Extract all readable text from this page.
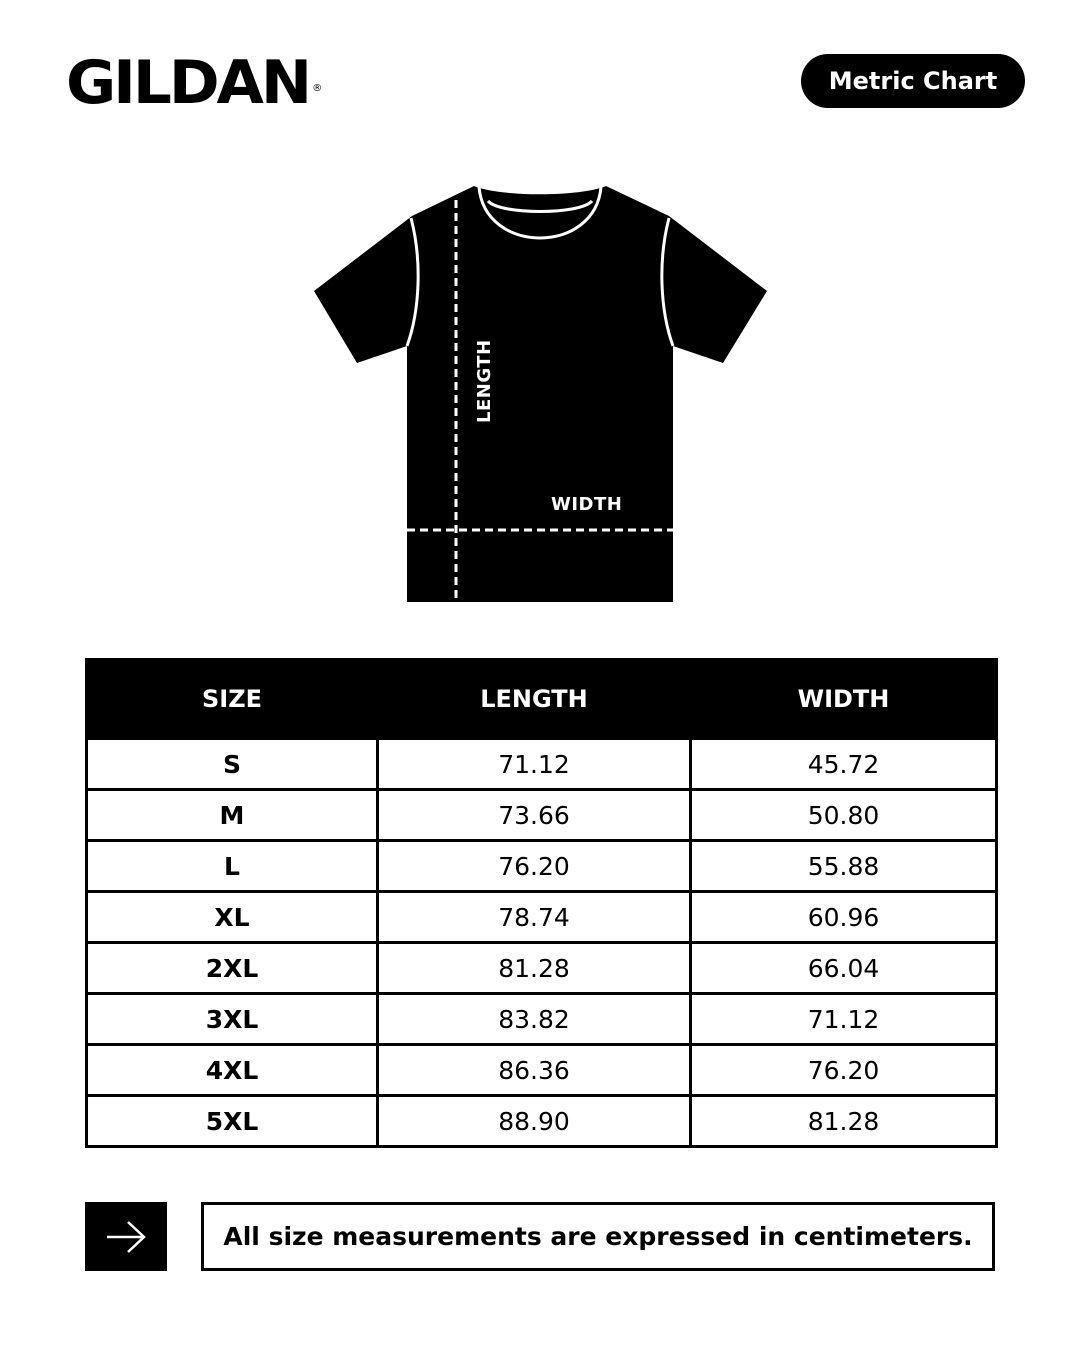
GILDAN ®	Metric Chart
LENGTH
WIDTH
SIZE	LENGTH	WIDTH
S	71.12	45.72
M	73.66	50.80
L	76.20	55.88
XL	78.74	60.96
2XL	81.28	66.04
3XL	83.82	71.12
4XL	86.36	76.20
5XL	88.90	81.28
All size measurements are expressed in centimeters.
